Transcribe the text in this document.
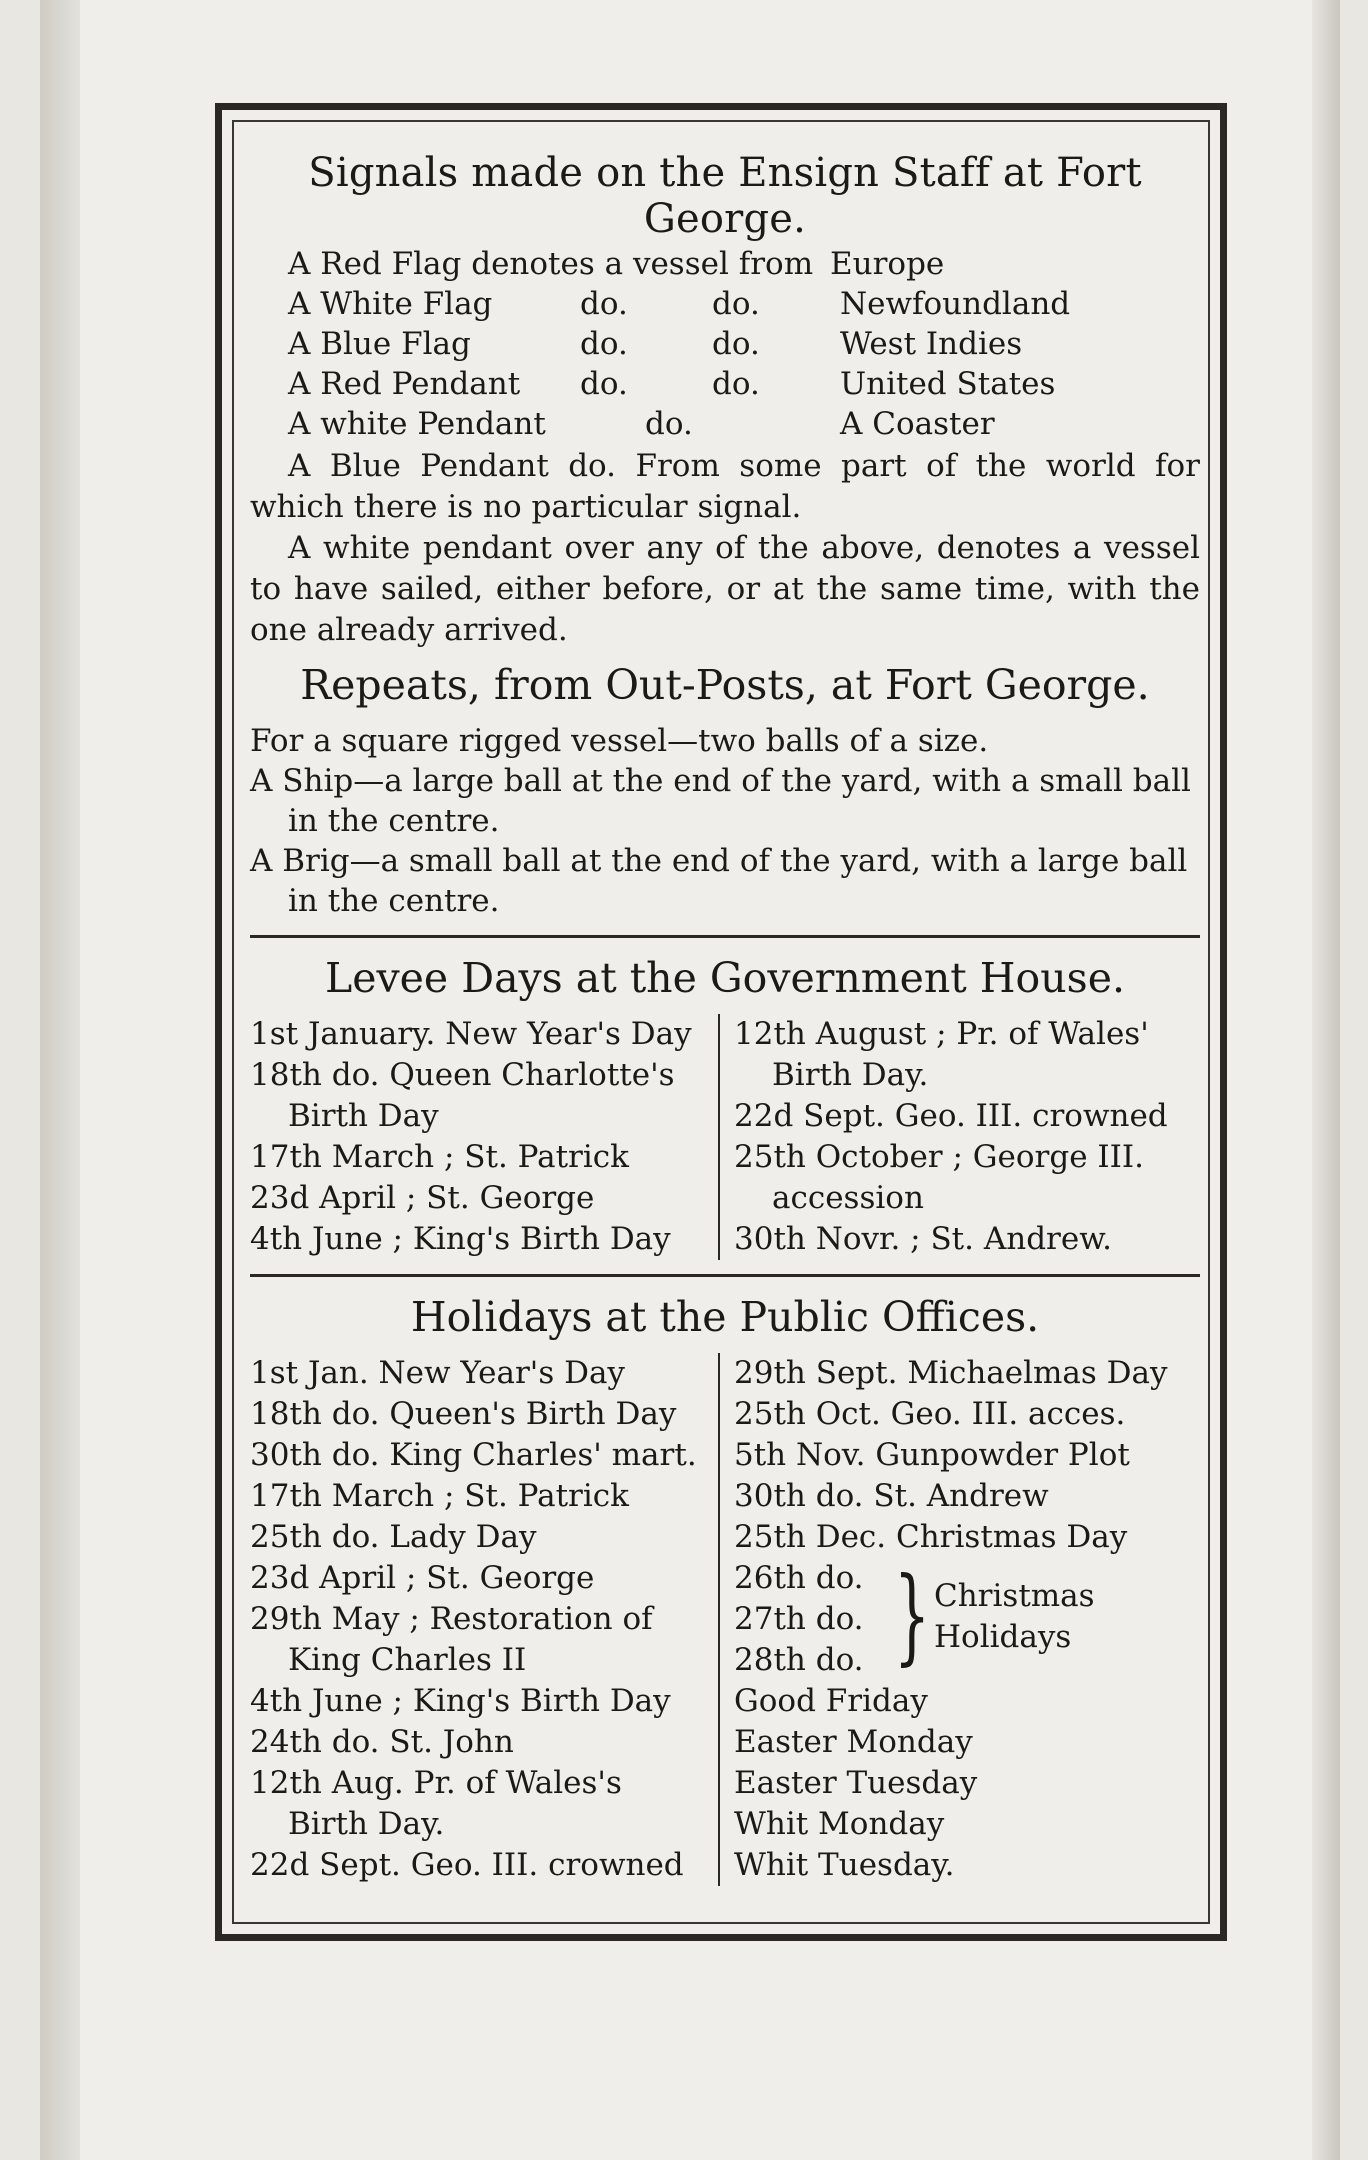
Signals made on the Ensign Staff at Fort George.
A Red Flag denotes a vessel from Europe
A White Flag	do.	do.	Newfoundland
A Blue Flag	do.	do.	West Indies
A Red Pendant do.	do.	United States
A white Pendant	do.	A Coaster
A Blue Pendant do. From some part of the world for which there is no particular signal.
A white pendant over any of the above, denotes a vessel to have sailed, either before, or at the same time, with the one already arrived.
Repeats, from Out-Posts, at Fort George.
For a square rigged vessel—two balls of a size.
A Ship—a large ball at the end of the yard, with a small ball in the centre.
A Brig—a small ball at the end of the yard, with a large ball in the centre.
Levee Days at the Government House.
1st January. New Year's Day
18th do. Queen Charlotte's Birth Day
17th March ; St. Patrick
23d April ; St. George
4th June ; King's Birth Day
12th August ; Pr. of Wales' Birth Day.
22d Sept. Geo. III. crowned
25th October ; George III. accession
30th Novr. ; St. Andrew.
Holidays at the Public Offices.
1st Jan. New Year's Day
18th do. Queen's Birth Day
30th do. King Charles' mart.
17th March ; St. Patrick
25th do. Lady Day
23d April ; St. George
29th May ; Restoration of King Charles II
4th June ; King's Birth Day
24th do. St. John
12th Aug. Pr. of Wales's Birth Day.
22d Sept. Geo. III. crowned
29th Sept. Michaelmas Day
25th Oct. Geo. III. acces.
5th Nov. Gunpowder Plot
30th do. St. Andrew
25th Dec. Christmas Day
26th do.
27th do.
28th do. } Christmas Holidays
Good Friday
Easter Monday
Easter Tuesday
Whit Monday
Whit Tuesday.
